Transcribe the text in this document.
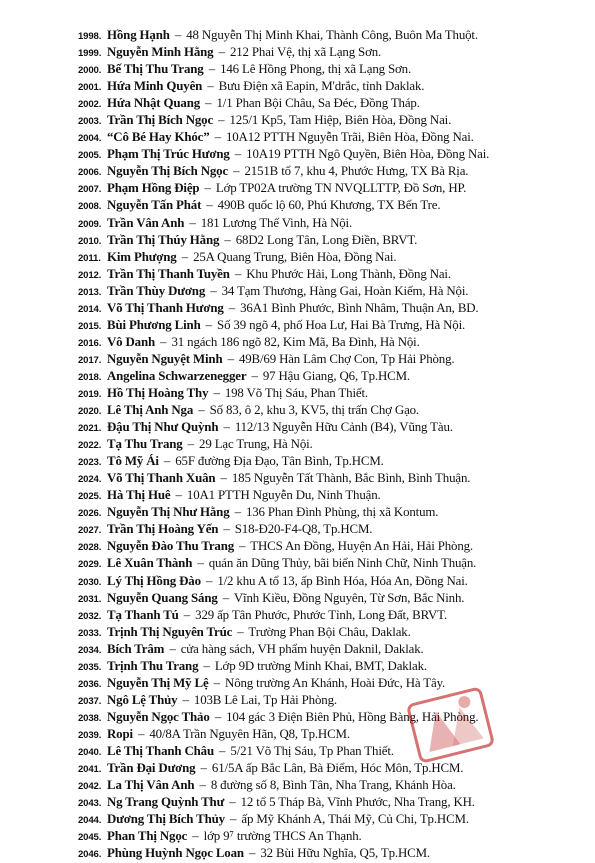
1998. Hồng Hạnh – 48 Nguyễn Thị Minh Khai, Thành Công, Buôn Ma Thuột.
1999. Nguyễn Minh Hằng – 212 Phai Vệ, thị xã Lạng Sơn.
2000. Bế Thị Thu Trang – 146 Lê Hồng Phong, thị xã Lạng Sơn.
2001. Hứa Minh Quyên – Bưu Điện xã Eapin, M'drắc, tỉnh Daklak.
2002. Hứa Nhật Quang – 1/1 Phan Bội Châu, Sa Đéc, Đồng Tháp.
2003. Trần Thị Bích Ngọc – 125/1 Kp5, Tam Hiệp, Biên Hòa, Đồng Nai.
2004. “Cô Bé Hay Khóc” – 10A12 PTTH Nguyễn Trãi, Biên Hòa, Đồng Nai.
2005. Phạm Thị Trúc Hương – 10A19 PTTH Ngô Quyền, Biên Hòa, Đồng Nai.
2006. Nguyễn Thị Bích Ngọc – 2151B tổ 7, khu 4, Phước Hưng, TX Bà Rịa.
2007. Phạm Hồng Điệp – Lớp TP02A trường TN NVQLLTTP, Đồ Sơn, HP.
2008. Nguyễn Tấn Phát – 490B quốc lộ 60, Phú Khương, TX Bến Tre.
2009. Trần Vân Anh – 181 Lương Thế Vinh, Hà Nội.
2010. Trần Thị Thúy Hằng – 68D2 Long Tân, Long Điền, BRVT.
2011. Kim Phượng – 25A Quang Trung, Biên Hòa, Đồng Nai.
2012. Trần Thị Thanh Tuyền – Khu Phước Hải, Long Thành, Đồng Nai.
2013. Trần Thùy Dương – 34 Tạm Thương, Hàng Gai, Hoàn Kiếm, Hà Nội.
2014. Võ Thị Thanh Hương – 36A1 Bình Phước, Bình Nhâm, Thuận An, BD.
2015. Bùi Phương Linh – Số 39 ngõ 4, phố Hoa Lư, Hai Bà Trưng, Hà Nội.
2016. Vô Danh – 31 ngách 186 ngõ 82, Kim Mã, Ba Đình, Hà Nội.
2017. Nguyễn Nguyệt Minh – 49B/69 Hàn Lâm Chợ Con, Tp Hải Phòng.
2018. Angelina Schwarzenegger – 97 Hậu Giang, Q6, Tp.HCM.
2019. Hồ Thị Hoàng Thy – 198 Võ Thị Sáu, Phan Thiết.
2020. Lê Thị Anh Nga – Số 83, ô 2, khu 3, KV5, thị trấn Chợ Gạo.
2021. Đậu Thị Như Quỳnh – 112/13 Nguyễn Hữu Cảnh (B4), Vũng Tàu.
2022. Tạ Thu Trang – 29 Lạc Trung, Hà Nội.
2023. Tô Mỹ Ái – 65F đường Địa Đạo, Tân Bình, Tp.HCM.
2024. Võ Thị Thanh Xuân – 185 Nguyễn Tất Thành, Bắc Bình, Bình Thuận.
2025. Hà Thị Huê – 10A1 PTTH Nguyễn Du, Ninh Thuận.
2026. Nguyễn Thị Như Hằng – 136 Phan Đình Phùng, thị xã Kontum.
2027. Trần Thị Hoàng Yến – S18-Đ20-F4-Q8, Tp.HCM.
2028. Nguyễn Đào Thu Trang – THCS An Đồng, Huyện An Hải, Hải Phòng.
2029. Lê Xuân Thành – quán ăn Dũng Thủy, bãi biển Ninh Chữ, Ninh Thuận.
2030. Lý Thị Hồng Đào – 1/2 khu A tổ 13, ấp Bình Hóa, Hóa An, Đồng Nai.
2031. Nguyễn Quang Sáng – Vĩnh Kiều, Đồng Nguyên, Từ Sơn, Bắc Ninh.
2032. Tạ Thanh Tú – 329 ấp Tân Phước, Phước Tỉnh, Long Đất, BRVT.
2033. Trịnh Thị Nguyên Trúc – Trường Phan Bội Châu, Daklak.
2034. Bích Trâm – cửa hàng sách, VH phẩm huyện Daknil, Daklak.
2035. Trịnh Thu Trang – Lớp 9D trường Minh Khai, BMT, Daklak.
2036. Nguyễn Thị Mỹ Lệ – Nông trường An Khánh, Hoài Đức, Hà Tây.
2037. Ngô Lệ Thủy – 103B Lê Lai, Tp Hải Phòng.
2038. Nguyễn Ngọc Thảo – 104 gác 3 Điện Biên Phủ, Hồng Bàng, Hải Phòng.
2039. Ropi – 40/8A Trần Nguyên Hãn, Q8, Tp.HCM.
2040. Lê Thị Thanh Châu – 5/21 Võ Thị Sáu, Tp Phan Thiết.
2041. Trần Đại Dương – 61/5A ấp Bắc Lân, Bà Điểm, Hóc Môn, Tp.HCM.
2042. La Thị Vân Anh – 8 đường số 8, Bình Tân, Nha Trang, Khánh Hòa.
2043. Ng Trang Quỳnh Thư – 12 tổ 5 Tháp Bà, Vĩnh Phước, Nha Trang, KH.
2044. Dương Thị Bích Thủy – ấp Mỹ Khánh A, Thái Mỹ, Củ Chi, Tp.HCM.
2045. Phan Thị Ngọc – lớp 9⁷ trường THCS An Thạnh.
2046. Phùng Huỳnh Ngọc Loan – 32 Bùi Hữu Nghĩa, Q5, Tp.HCM.
